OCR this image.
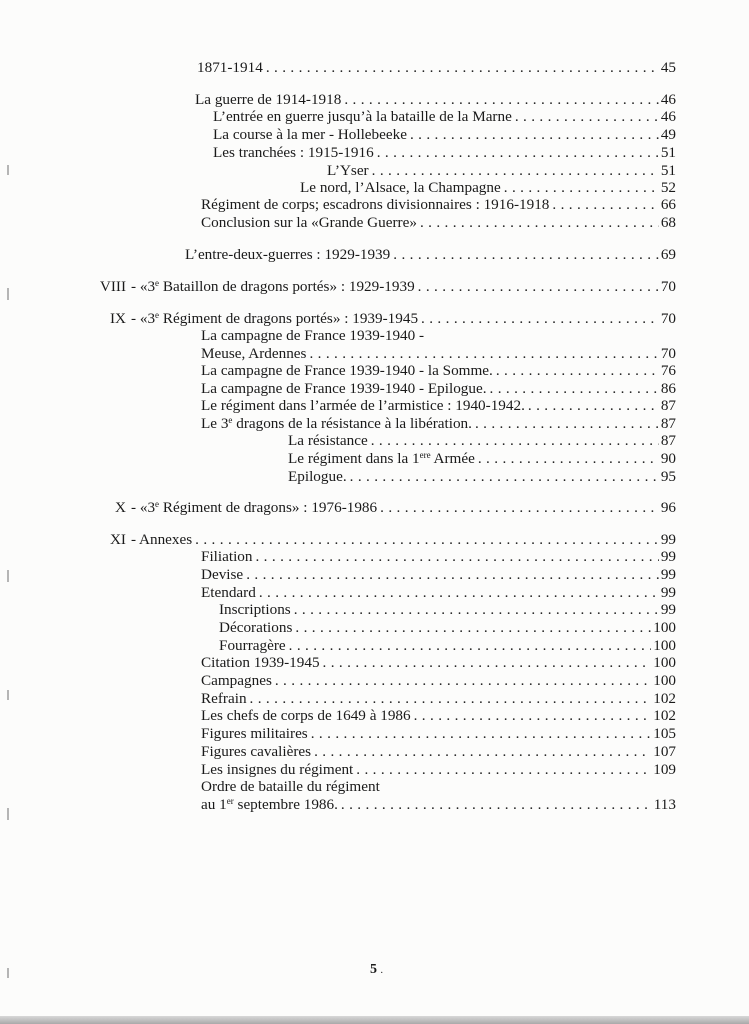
1871-1914 . . .	45
La guerre de 1914-1918 . . .	46
L’entrée en guerre jusqu’à la bataille de la Marne . . .	46
La course à la mer - Hollebeeke . . .	49
Les tranchées : 1915-1916 . . .	51
L’Yser . . .	51
Le nord, l’Alsace, la Champagne . . .	52
Régiment de corps; escadrons divisionnaires : 1916-1918 . . .	66
Conclusion sur la «Grande Guerre» . . .	68
L’entre-deux-guerres : 1929-1939 . . .	69
VIII - «3e Bataillon de dragons portés» : 1929-1939 . . .	70
IX - «3e Régiment de dragons portés» : 1939-1945 . . .	70
La campagne de France 1939-1940 -
Meuse, Ardennes . . .	70
La campagne de France 1939-1940 - la Somme. . . .	76
La campagne de France 1939-1940 - Epilogue. . . .	86
Le régiment dans l’armée de l’armistice : 1940-1942. . . .	87
Le 3e dragons de la résistance à la libération. . . .	87
La résistance . . .	87
Le régiment dans la 1ere Armée . . .	90
Epilogue. . . .	95
X - «3e Régiment de dragons» : 1976-1986 . . .	96
XI - Annexes . . .	99
Filiation . . .	99
Devise . . .	99
Etendard . . .	99
Inscriptions . . .	99
Décorations . . .	100
Fourragère . . .	100
Citation 1939-1945 . . .	100
Campagnes . . .	100
Refrain . . .	102
Les chefs de corps de 1649 à 1986 . . .	102
Figures militaires . . .	105
Figures cavalières . . .	107
Les insignes du régiment . . .	109
Ordre de bataille du régiment
au 1er septembre 1986. . . .	113
5 .
